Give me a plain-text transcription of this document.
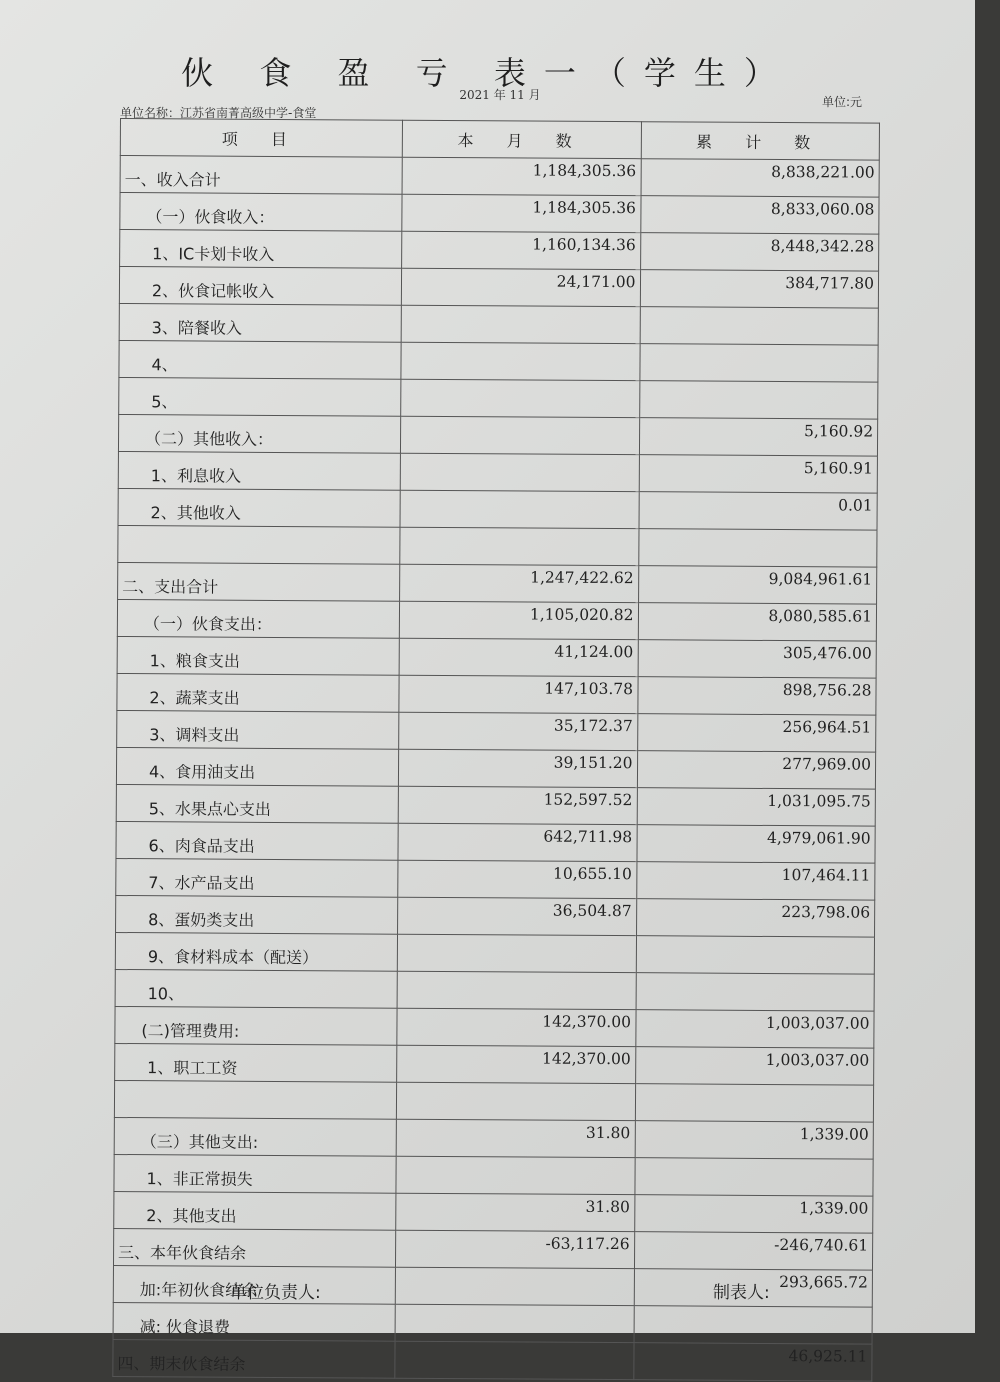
伙 食 盈 亏 表一（学生）
2021 年 11 月
单位名称：江苏省南菁高级中学-食堂
单位:元
项 目	本 月 数	累 计 数
一、收入合计	1,184,305.36	8,838,221.00
（一）伙食收入：	1,184,305.36	8,833,060.08
1、IC卡划卡收入	1,160,134.36	8,448,342.28
2、伙食记帐收入	24,171.00	384,717.80
3、陪餐收入		
4、		
5、		
（二）其他收入：		5,160.92
1、利息收入		5,160.91
2、其他收入		0.01

二、支出合计	1,247,422.62	9,084,961.61
（一）伙食支出：	1,105,020.82	8,080,585.61
1、粮食支出	41,124.00	305,476.00
2、蔬菜支出	147,103.78	898,756.28
3、调料支出	35,172.37	256,964.51
4、食用油支出	39,151.20	277,969.00
5、水果点心支出	152,597.52	1,031,095.75
6、肉食品支出	642,711.98	4,979,061.90
7、水产品支出	10,655.10	107,464.11
8、蛋奶类支出	36,504.87	223,798.06
9、食材料成本（配送）		
10、		
(二)管理费用:	142,370.00	1,003,037.00
1、职工工资	142,370.00	1,003,037.00

（三）其他支出:	31.80	1,339.00
1、非正常损失		
2、其他支出	31.80	1,339.00
三、本年伙食结余	-63,117.26	-246,740.61
加:年初伙食结余		293,665.72
减: 伙食退费		
四、期末伙食结余		46,925.11
单位负责人:	制表人:
